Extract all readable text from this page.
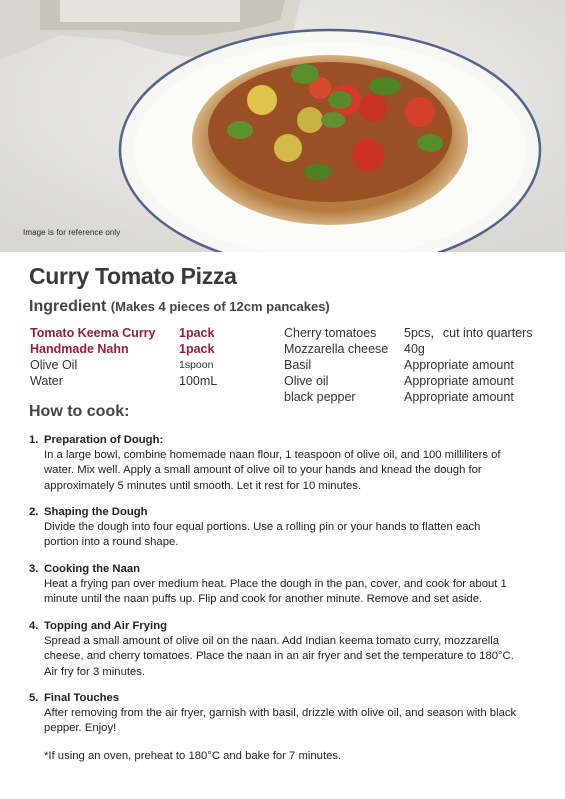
Image is for reference only
Curry Tomato Pizza
Ingredient (Makes 4 pieces of 12cm pancakes)
Tomato Keema Curry 1pack
Handmade Nahn	1pack
Olive Oil	1spoon
Water	100mL
Cherry tomatoes 5pcs，cut into quarters
Mozzarella cheese 40g
Basil	Appropriate amount
Olive oil	Appropriate amount
black pepper	Appropriate amount
How to cook:
1. Preparation of Dough:
In a large bowl, combine homemade naan flour, 1 teaspoon of olive oil, and 100 milliliters of
water. Mix well. Apply a small amount of olive oil to your hands and knead the dough for
approximately 5 minutes until smooth. Let it rest for 10 minutes.
2. Shaping the Dough
Divide the dough into four equal portions. Use a rolling pin or your hands to flatten each
portion into a round shape.
3. Cooking the Naan
Heat a frying pan over medium heat. Place the dough in the pan, cover, and cook for about 1
minute until the naan puffs up. Flip and cook for another minute. Remove and set aside.
4. Topping and Air Frying
Spread a small amount of olive oil on the naan. Add Indian keema tomato curry, mozzarella
cheese, and cherry tomatoes. Place the naan in an air fryer and set the temperature to 180°C.
Air fry for 3 minutes.
5. Final Touches
After removing from the air fryer, garnish with basil, drizzle with olive oil, and season with black
pepper. Enjoy!
*If using an oven, preheat to 180°C and bake for 7 minutes.
